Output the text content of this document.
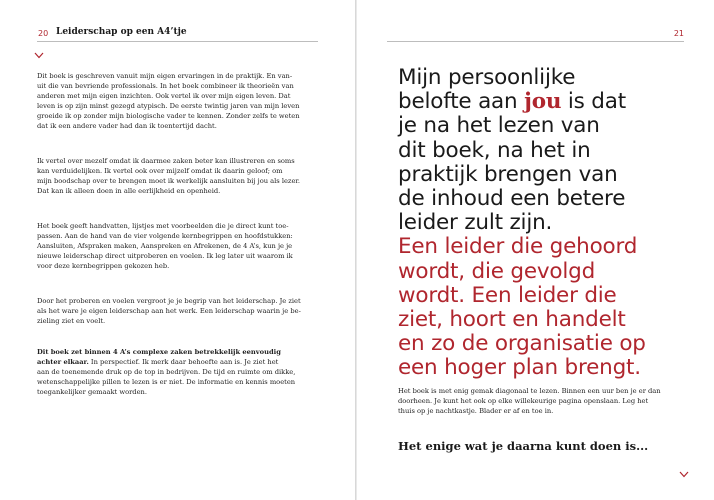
20 Leiderschap op een A4’tje
Dit boek is geschreven vanuit mijn eigen ervaringen in de praktijk. En van-
uit die van bevriende professionals. In het boek combineer ik theorieën van
anderen met mijn eigen inzichten. Ook vertel ik over mijn eigen leven. Dat
leven is op zijn minst gezegd atypisch. De eerste twintig jaren van mijn leven
groeide ik op zonder mijn biologische vader te kennen. Zonder zelfs te weten
dat ik een andere vader had dan ik toentertijd dacht.
Ik vertel over mezelf omdat ik daarmee zaken beter kan illustreren en soms
kan verduidelijken. Ik vertel ook over mijzelf omdat ik daarin geloof; om
mijn boodschap over te brengen moet ik werkelijk aansluiten bij jou als lezer.
Dat kan ik alleen doen in alle eerlijkheid en openheid.
Het boek geeft handvatten, lijstjes met voorbeelden die je direct kunt toe-
passen. Aan de hand van de vier volgende kernbegrippen en hoofdstukken:
Aansluiten, Afspraken maken, Aanspreken en Afrekenen, de 4 A’s, kun je je
nieuwe leiderschap direct uitproberen en voelen. Ik leg later uit waarom ik
voor deze kernbegrippen gekozen heb.
Door het proberen en voelen vergroot je je begrip van het leiderschap. Je ziet
als het ware je eigen leiderschap aan het werk. Een leiderschap waarin je be-
zieling ziet en voelt.
Dit boek zet binnen 4 A’s complexe zaken betrekkelijk eenvoudig
achter elkaar. In perspectief. Ik merk daar behoefte aan is. Je ziet het
aan de toenemende druk op de top in bedrijven. De tijd en ruimte om dikke,
wetenschappelijke pillen te lezen is er niet. De informatie en kennis moeten
toegankelijker gemaakt worden.
21
Mijn persoonlijke
belofte aan jou is dat
je na het lezen van
dit boek, na het in
praktijk brengen van
de inhoud een betere
leider zult zijn.
Een leider die gehoord
wordt, die gevolgd
wordt. Een leider die
ziet, hoort en handelt
en zo de organisatie op
een hoger plan brengt.
Het boek is met enig gemak diagonaal te lezen. Binnen een uur ben je er dan
doorheen. Je kunt het ook op elke willekeurige pagina openslaan. Leg het
thuis op je nachtkastje. Blader er af en toe in.
Het enige wat je daarna kunt doen is...
